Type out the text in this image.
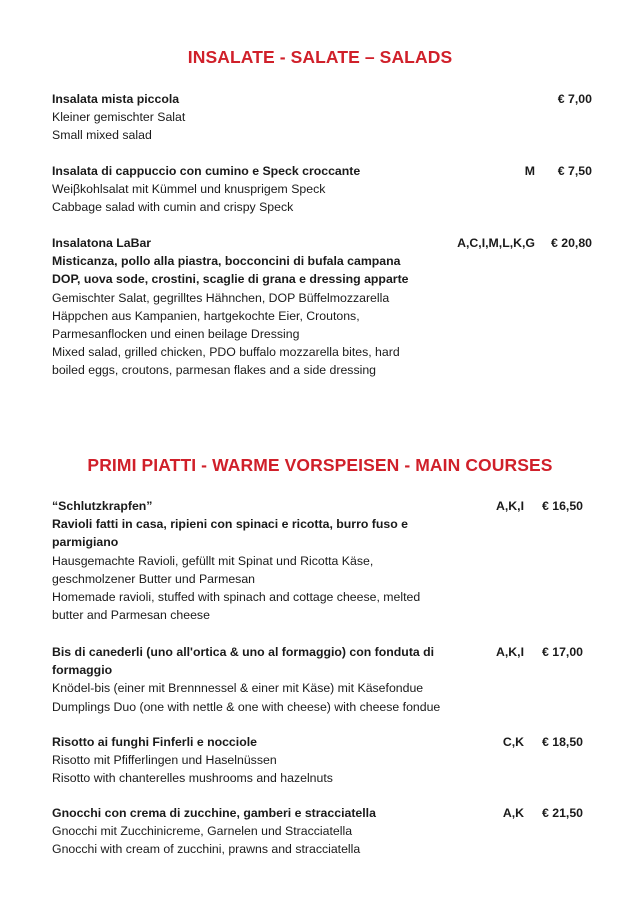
INSALATE - SALATE – SALADS
Insalata mista piccola
Kleiner gemischter Salat
Small mixed salad
€ 7,00
Insalata di cappuccio con cumino e Speck croccante
Weiβkohlsalat mit Kümmel und knusprigem Speck
Cabbage salad with cumin and crispy Speck
M € 7,50
Insalatona LaBar
Misticanza, pollo alla piastra, bocconcini di bufala campana
DOP, uova sode, crostini, scaglie di grana e dressing apparte
Gemischter Salat, gegrilltes Hähnchen, DOP Büffelmozzarella
Häppchen aus Kampanien, hartgekochte Eier, Croutons,
Parmesanflocken und einen beilage Dressing
Mixed salad, grilled chicken, PDO buffalo mozzarella bites, hard
boiled eggs, croutons, parmesan flakes and a side dressing
A,C,I,M,L,K,G € 20,80
PRIMI PIATTI - WARME VORSPEISEN - MAIN COURSES
“Schlutzkrapfen”
Ravioli fatti in casa, ripieni con spinaci e ricotta, burro fuso e
parmigiano
Hausgemachte Ravioli, gefüllt mit Spinat und Ricotta Käse,
geschmolzener Butter und Parmesan
Homemade ravioli, stuffed with spinach and cottage cheese, melted
butter and Parmesan cheese
A,K,I € 16,50
Bis di canederli (uno all'ortica & uno al formaggio) con fonduta di
formaggio
Knödel-bis (einer mit Brennnessel & einer mit Käse) mit Käsefondue
Dumplings Duo (one with nettle & one with cheese) with cheese fondue
A,K,I € 17,00
Risotto ai funghi Finferli e nocciole
Risotto mit Pfifferlingen und Haselnüssen
Risotto with chanterelles mushrooms and hazelnuts
C,K € 18,50
Gnocchi con crema di zucchine, gamberi e stracciatella
Gnocchi mit Zucchinicreme, Garnelen und Stracciatella
Gnocchi with cream of zucchini, prawns and stracciatella
A,K € 21,50
